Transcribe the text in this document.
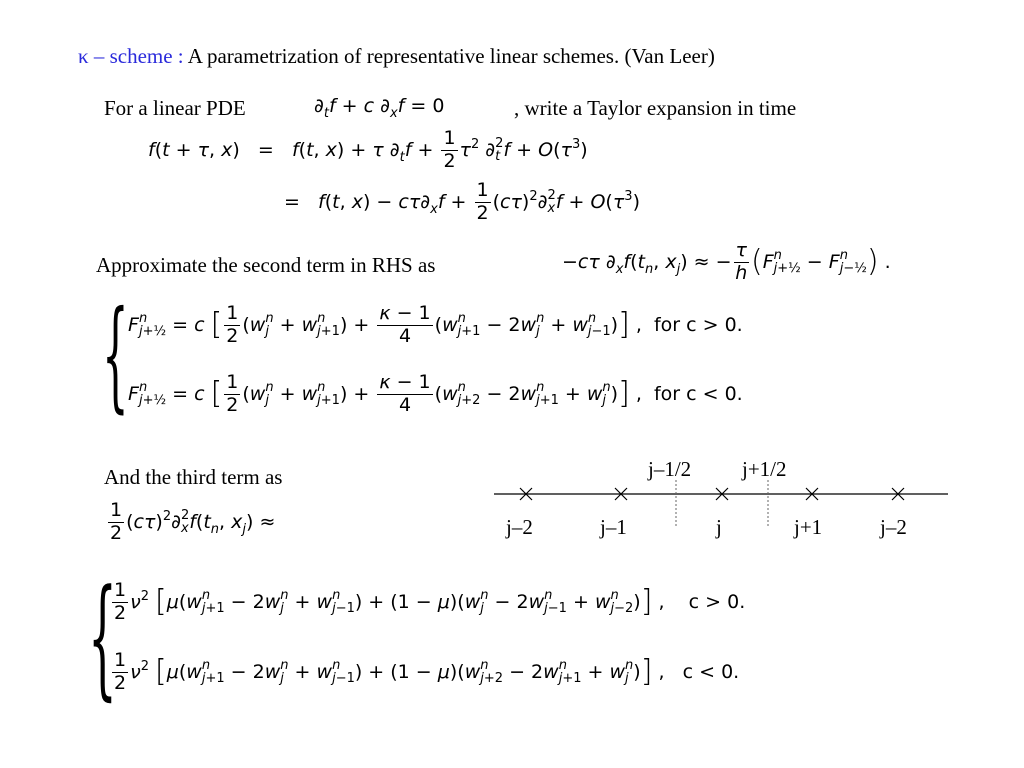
κ – scheme : A parametrization of representative linear schemes. (Van Leer)
For a linear PDE	$\partial_tf + c$ $\partial_xf = 0$	, write a Taylor expansion in time
f(t + τ, x)   =   f(t, x) + τ $\partial_tf + \frac{1}{2} \tau^2$ ∂ 2
t $f + O(\tau^3)$
=   f(t, $x) - c\tau\partial_xf + \frac{1}{2} (c\tau)^2\partial$ 2
x $f + O(\tau^3)$
Approximate the second term in RHS as	−cτ $\partial_xf(t_n$, $x_j$) ≈ − $\frac{\tau}{h} (F$ n
j+½ − F n
j−½ ) .
{ F n
j+½ = c [ $\frac{1}{2} (w$ n
j + w n
j+1 ) + $\frac{\kappa - 1}{4} (w$ n
j+1 − 2w n
j + w n
j−1 )] ,  for c > 0.
F n
j+½ = c [ $\frac{1}{2} (w$ n
j + w n
j+1 ) + $\frac{\kappa - 1}{4} (w$ n
j+2 − 2w n
j+1 + w n
j )] ,  for c < 0.
And the third term as
$\frac{1}{2} (c\tau)^2\partial$ 2
x $f(t_n$, $x_j$) ≈
j–1/2 j+1/2
j–2	j–1	j	j+1	j–2
{
$\frac{1}{2} \nu^2$ [μ(w n
j+1 − 2w n
j + w n
j−1 ) + (1 − μ)(w n
j − 2w n
j−1 + w n
j−2 )] ,    c > 0.
$\frac{1}{2} \nu^2$ [μ(w n
j+1 − 2w n
j + w n
j−1 ) + (1 − μ)(w n
j+2 − 2w n
j+1 + w n
j )] ,   c < 0.
